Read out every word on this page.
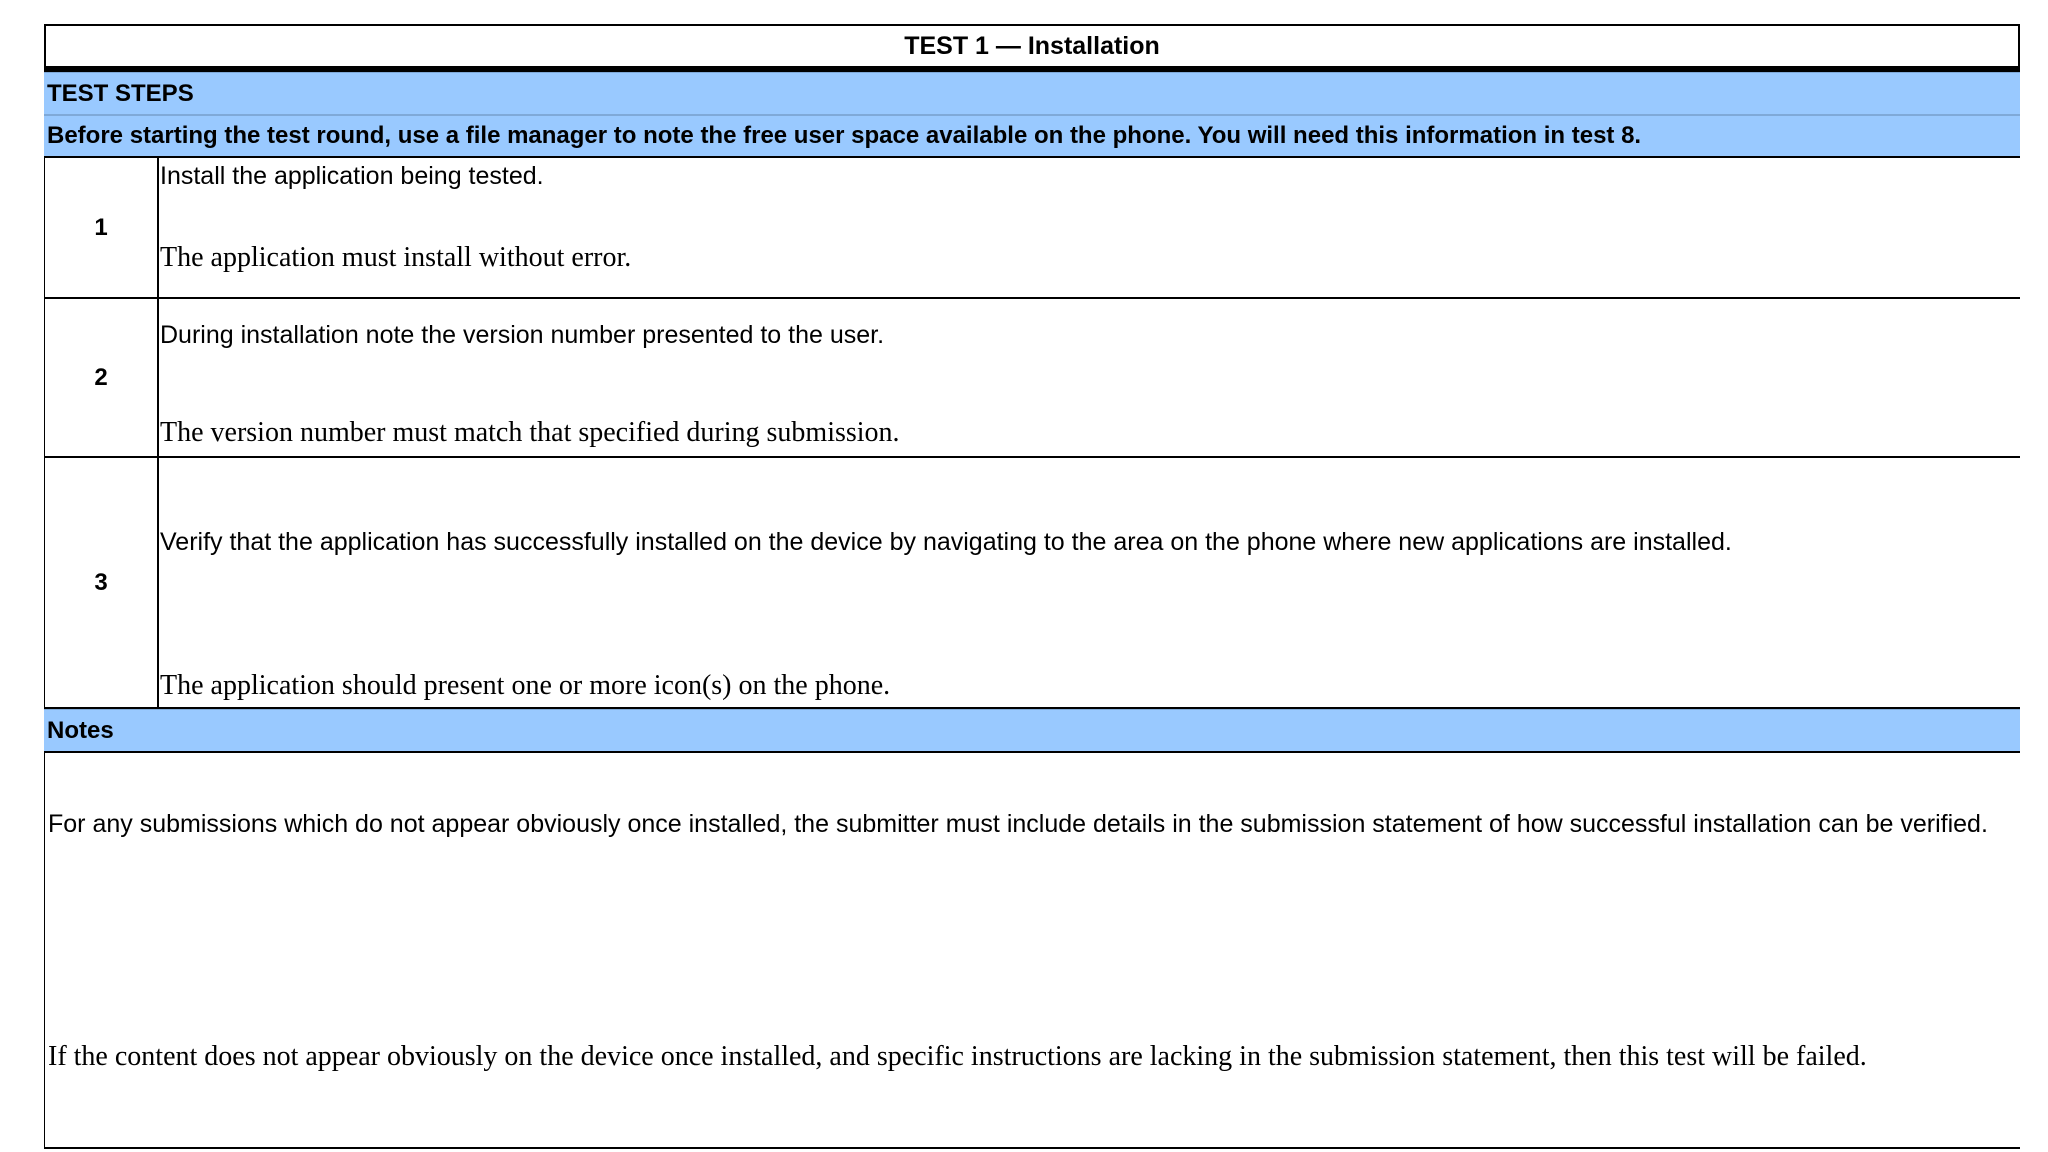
TEST 1 — Installation
TEST STEPS
Before starting the test round, use a file manager to note the free user space available on the phone. You will need this information in test 8.
1
Install the application being tested.
The application must install without error.
2
During installation note the version number presented to the user.
The version number must match that specified during submission.
3
Verify that the application has successfully installed on the device by navigating to the area on the phone where new applications are installed.
The application should present one or more icon(s) on the phone.
Notes
For any submissions which do not appear obviously once installed, the submitter must include details in the submission statement of how successful installation can be verified.
If the content does not appear obviously on the device once installed, and specific instructions are lacking in the submission statement, then this test will be failed.
